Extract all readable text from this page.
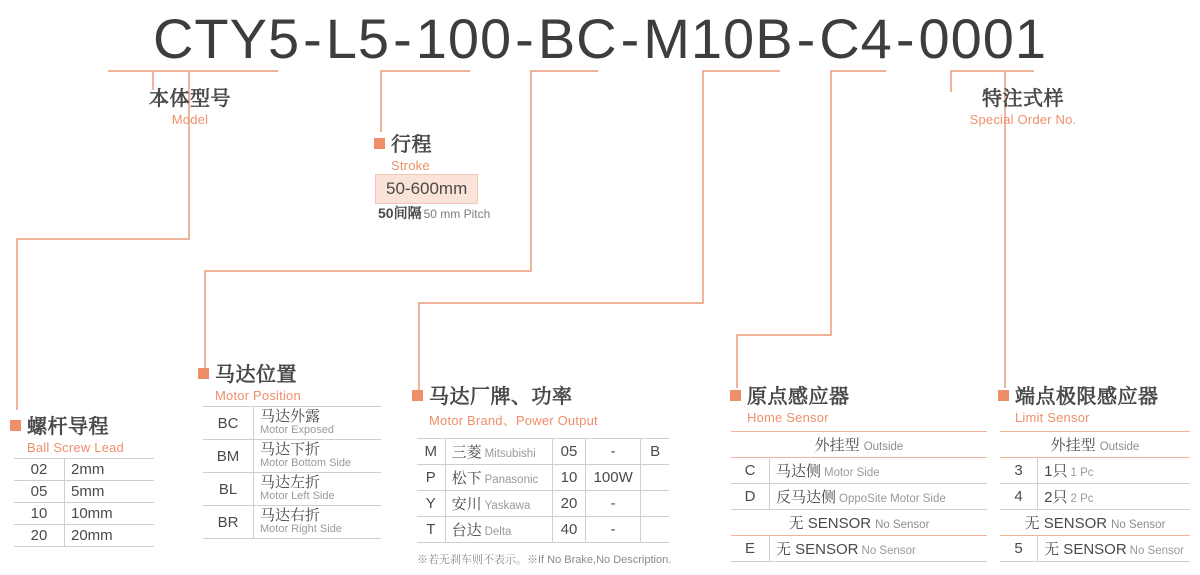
CTY5-L5-100-BC-M10B-C4-0001
本体型号
Model
特注式样
Special Order No.
行程
Stroke
50-600mm
50间隔 50 mm Pitch
螺杆导程
Ball Screw Lead
02	2mm
05	5mm
10	10mm
20	20mm
马达位置
Motor Position
BC	马达外露
Motor Exposed

BM	马达下折
Motor Bottom Side

BL	马达左折
Motor Left Side

BR	马达右折
Motor Right Side
马达厂牌、功率
Motor Brand、Power Output
M	三菱 Mitsubishi	05	-	B
P	松下 Panasonic	10	100W	
Y	安川 Yaskawa	20	-	
T	台达 Delta	40	-	
※若无刹车则不表示。※If No Brake,No Description.
原点感应器
Home Sensor
外挂型 Outside	
C	马达侧 Motor Side
D	反马达侧 OppoSite Motor Side
无 SENSOR No Sensor	
E	无 SENSOR No Sensor
端点极限感应器
Limit Sensor
外挂型 Outside	
3	1只 1 Pc
4	2只 2 Pc
无 SENSOR No Sensor	
5	无 SENSOR No Sensor
